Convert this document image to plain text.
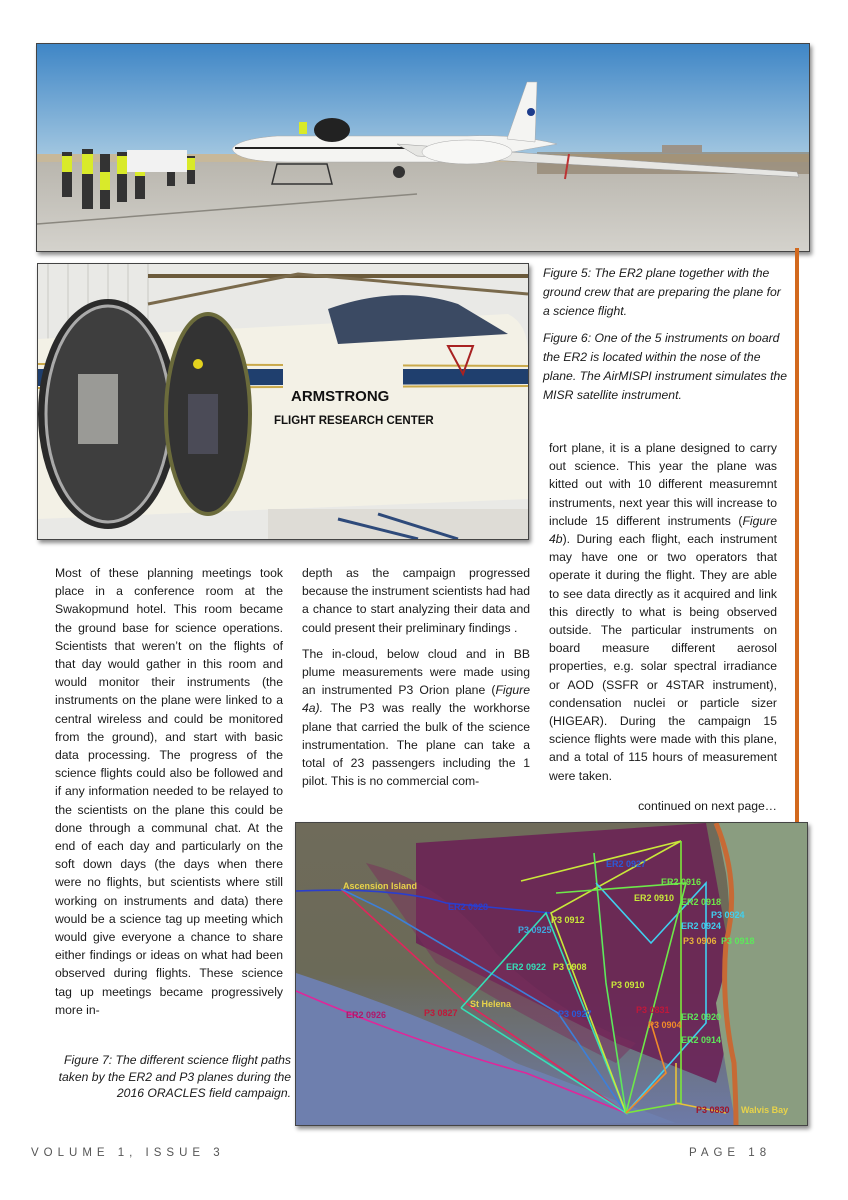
ARMSTRONG
FLIGHT RESEARCH CENTER

Figure 5: The ER2 plane together with the ground crew that are preparing the plane for a science flight.

Figure 6: One of the 5 instruments on board the ER2 is located within the nose of the plane. The AirMISPI instrument simulates the MISR satellite instrument.

fort plane, it is a plane designed to carry out science. This year the plane was kitted out with 10 different measuremnt instruments, next year this will increase to include 15 different instruments (Figure 4b). During each flight, each instrument may have one or two operators that operate it during the flight. They are able to see data directly as it acquired and link this directly to what is being observed outside. The particular instruments on board measure different aerosol properties, e.g. solar spectral irradiance or AOD (SSFR or 4STAR instrument), condensation nuclei or particle sizer (HIGEAR). During the campaign 15 science flights were made with this plane, and a total of 115 hours of measurement were taken.

continued on next page…

Most of these planning meetings took place in a conference room at the Swakopmund hotel. This room became the ground base for science operations. Scientists that weren’t on the flights of that day would gather in this room and would monitor their instruments (the instruments on the plane were linked to a central wireless and could be monitored from the ground), and start with basic data processing. The progress of the science flights could also be followed and if any information needed to be relayed to the scientists on the plane this could be done through a communal chat. At the end of each day and particularly on the soft down days (the days when there were no flights, but scientists where still working on instruments and data) there would be a science tag up meeting which would give everyone a chance to share either findings or ideas on what had been observed during flights. These science tag up meetings became progressively more in-

depth as the campaign progressed because the instrument scientists had had a chance to start analyzing their data and could present their preliminary findings .

The in-cloud, below cloud and in BB plume measurements were made using an instrumented P3 Orion plane (Figure 4a). The P3 was really the workhorse plane that carried the bulk of the science instrumentation. The plane can take a total of 23 passengers including the 1 pilot. This is no commercial com-

Ascension Island
St Helena
Walvis Bay
ER2 0927
ER2 0916
ER2 0910 ER2 0918
P3 0924
ER2 0924
P3 0906 P3 0918
P3 0912
P3 0925
ER2 0928
ER2 0922 P3 0908
P3 0910
ER2 0926	P3 0827	P3 0927	P3 0831
ER2 0920
P3 0904
ER2 0914
P3 0830
Figure 7: The different science flight paths taken by the ER2 and P3 planes during the 2016 ORACLES field campaign.
VOLUME 1, ISSUE 3	PAGE 18
